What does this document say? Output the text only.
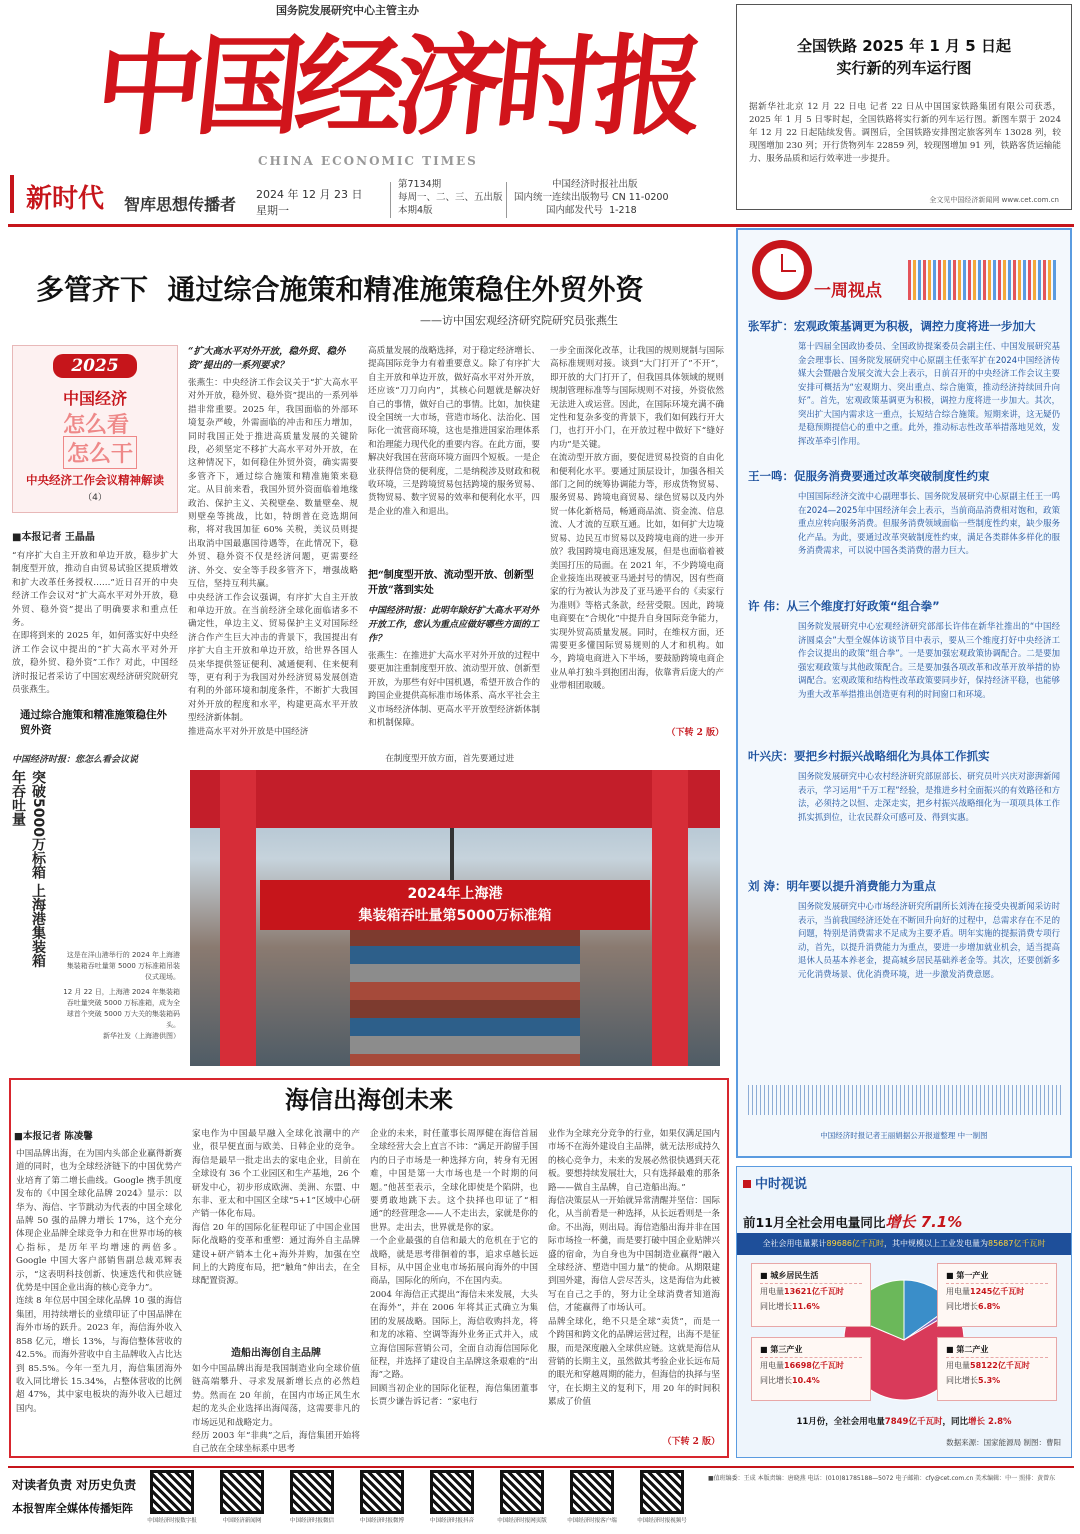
国务院发展研究中心主管主办
中国经济时报
CHINA ECONOMIC TIMES
新时代 智库思想传播者
2024 年 12 月 23 日
星期一
第7134期
每周一、二、三、五出版
本期4版
中国经济时报社出版
国内统一连续出版物号 CN 11-0200
国内邮发代号 1-218
全国铁路 2025 年 1 月 5 日起
实行新的列车运行图
据新华社北京 12 月 22 日电 记者 22 日从中国国家铁路集团有限公司获悉，2025 年 1 月 5 日零时起，全国铁路将实行新的列车运行图。新图车票于 2024 年 12 月 22 日起陆续发售。调图后，全国铁路安排图定旅客列车 13028 列，较现图增加 230 列；开行货物列车 22859 列，较现图增加 91 列，铁路客货运输能力、服务品质和运行效率进一步提升。
全文见中国经济新闻网 www.cet.com.cn
多管齐下  通过综合施策和精准施策稳住外贸外资
——访中国宏观经济研究院研究员张燕生
2025
中国经济
怎么看
怎么干
中央经济工作会议精神解读
（4）
■本报记者 王晶晶
“有序扩大自主开放和单边开放，稳步扩大制度型开放，推动自由贸易试验区提质增效和扩大改革任务授权……”近日召开的中央经济工作会议对“扩大高水平对外开放，稳外贸、稳外资”提出了明确要求和重点任务。
在即将到来的 2025 年，如何落实好中央经济工作会议中提出的“扩大高水平对外开放，稳外贸、稳外资”工作？对此，中国经济时报记者采访了中国宏观经济研究院研究员张燕生。
通过综合施策和精准施策稳住外贸外资
中国经济时报：您怎么看会议说
“扩大高水平对外开放，稳外贸、稳外资”提出的一系列要求？
张燕生：中央经济工作会议关于“扩大高水平对外开放，稳外贸、稳外资”提出的一系列举措非常重要。2025 年，我国面临的外部环境复杂严峻，外需面临的冲击和压力增加，同时我国正处于推进高质量发展的关键阶段，必须坚定不移扩大高水平对外开放，在这种情况下，如何稳住外贸外资，确实需要多管齐下，通过综合施策和精准施策来稳定。从目前来看，我国外贸外资面临着地缘政治、保护主义、关税壁垒、数量壁垒、规则壁垒等挑战，比如，特朗普在竞选期间称，将对我国加征 60% 关税，美议员则提出取消中国最惠国待遇等，在此情况下，稳外贸、稳外资不仅是经济问题，更需要经济、外交、安全等手段多管齐下，增强战略互信，坚持互利共赢。
中央经济工作会议强调，有序扩大自主开放和单边开放。在当前经济全球化面临诸多不确定性，单边主义、贸易保护主义对国际经济合作产生巨大冲击的背景下，我国提出有序扩大自主开放和单边开放，给世界各国人员来华提供签证便利、减通便利、住来便利等，更有利于为我国对外经济贸易发展创造有利的外部环境和制度条件，不断扩大我国对外开放的程度和水平，构建更高水平开放型经济新体制。
推进高水平对外开放是中国经济
高质量发展的战略选择，对于稳定经济增长、提高国际竞争力有着重要意义。除了有序扩大自主开放和单边开放，做好高水平对外开放，还应该“刀刀向内”，其核心问题就是解决好自己的事情，做好自己的事情。比如，加快建设全国统一大市场，营造市场化、法治化、国际化一流营商环境，这也是推进国家治理体系和治理能力现代化的重要内容。在此方面，要解决好我国在营商环境方面四个短板。一是企业获得信贷的便利度，二是纳税涉及财政和税收环境，三是跨境贸易包括跨境的服务贸易、货物贸易、数字贸易的效率和便利化水平，四是企业的准入和退出。
把“制度型开放、流动型开放、创新型开放”落到实处
中国经济时报：此明年除好扩大高水平对外开放工作，您认为重点应做好哪些方面的工作？
张燕生：在推进扩大高水平对外开放的过程中要更加注重制度型开放、流动型开放、创新型开放，为那些有好中国机遇，希望开放合作的跨国企业提供高标准市场体系、高水平社会主义市场经济体制、更高水平开放型经济新体制和机制保障。
一步全面深化改革，让我国的规则规制与国际高标准规则对接。谈到“大门打开了”不开“，即开放的大门打开了，但我国具体领域的规则规制管理标准等与国际规则不对接，外资依然无法进入或运营。因此，在国际环境充满不确定性和复杂多变的背景下，我们如何践行开大门，也打开小门，在开放过程中做好下“缝好内功”是关键。
在流动型开放方面，要促进贸易投资的自由化和便利化水平。要通过顶层设计，加强各相关部门之间的统筹协调能力等，形成货物贸易、服务贸易、跨境电商贸易、绿色贸易以及内外贸一体化新格局，畅通商品流、资金流、信息流、人才流的互联互通。比如，如何扩大边境贸易、边民互市贸易以及跨境电商的进一步开放？我国跨境电商迅速发展，但是也面临着被美国打压的局面。在 2021 年，不少跨境电商企业接连出现被亚马逊封号的情况，因有些商家的行为被认为涉及了亚马逊平台的《卖家行为准则》等格式条款，经营受限。因此，跨境电商要在“合规化”中提升自身国际竞争能力，实现外贸高质量发展。同时，在维权方面，还需要更多懂国际贸易规则的人才和机构。如今，跨境电商进入下半场，要鼓励跨境电商企业从单打独斗到抱团出海，依靠背后庞大的产业带相团取暖。
（下转 2 版）
在制度型开放方面，首先要通过进
2024年上海港
集装箱吞吐量第5000万标准箱
突破5000万标箱 上海港集装箱年吞吐量
这是在洋山港举行的 2024 年上海港集装箱吞吐量第 5000 万标准箱吊装仪式现场。
12 月 22 日，上海港 2024 年集装箱吞吐量突破 5000 万标准箱，成为全球首个突破 5000 万大关的集装箱码头。
新华社发（上海港供图）
海信出海创未来
■本报记者 陈凌馨
中国品牌出海，在为国内头部企业赢得新赛道的同时，也为全球经济链下的中国优势产业培育了第二增长曲线。Google 携手凯度发布的《中国全球化品牌 2024》显示：以华为、海信、字节跳动为代表的中国全球化品牌 50 强的品牌力增长 17%，这个充分体现企业品牌全球竞争力和在世界市场的核心指标，是历年平均增速的两倍多。Google 中国大客户部销售副总裁邓辉表示，“这表明科技创新、快速迭代和供应链优势是中国企业出海的核心竞争力”。
连续 8 年位居中国全球化品牌 10 强的海信集团，用持续增长的业绩印证了中国品牌在海外市场的跃升。2023 年，海信海外收入 858 亿元，增长 13%，与海信整体营收的 42.5%。而海外营收中自主品牌收入占比达到 85.5%。今年一至九月，海信集团海外收入同比增长 15.34%，占整体营收的比例超 47%，其中家电板块的海外收入已超过国内。
家电作为中国最早融入全球化浪潮中的产业，很早便直面与欧美、日韩企业的竞争。海信是最早一批走出去的家电企业，目前在全球设有 36 个工业园区和生产基地，26 个研发中心，初步形成欧洲、美洲、东盟、中东非、亚太和中国区全球“5+1”区域中心研产销一体化布局。
海信 20 年的国际化征程印证了中国企业国际化战略的变革和重塑：通过海外自主品牌建设+研产销本土化+海外并购，加强在空间上的大跨度布局，把“触角”伸出去，在全球配置资源。
造船出海创自主品牌
如今中国品牌出海是我国制造业向全球价值链高端攀升、寻求发展新增长点的必然趋势。然而在 20 年前，在国内市场正风生水起的龙头企业选择出海闯荡，这需要非凡的市场远见和战略定力。
经历 2003 年“非典”之后，海信集团开始将自己放在全球坐标系中思考
企业的未来，时任董事长周厚健在海信首届全球经营大会上直言不讳：“满足开韵留手国内的日子市场是一种选择方向，转身有无困难，中国是第一大市场也是一个时期的问题。”他甚至表示，全球化即使是个陷阱，也要勇敢地跳下去。这个抉择也印证了“相通”的经营理念——人不走出去，家就是你的世界。走出去，世界就是你的家。
一个企业最强的自信和最大的危机在于它的战略，就是思考徘徊着的事，追求卓越长远目标，从中国企业电市场拓展向海外的中国商品，国际化的所向，不在国内卖。
2004 年海信正式提出“海信未来发展，大头在海外”，并在 2006 年将其正式确立为集团的发展战略。国际上，海信收购抖龙，将和龙的冰箱、空调等海外业务正式并入，成立海信国际营销公司，全面自动海信国际化征程，并选择了建设自主品牌这条艰难的“出海”之路。
回顾当初企业的国际化征程，海信集团董事长贾少谦告诉记者：“家电行
业作为全球充分竞争的行业，如果仅满足国内市场不在海外建设自主品牌，就无法形成持久的核心竞争力，未来的发展必然很快遇到天花板。要想持续发展壮大，只有选择最难的那条路——做自主品牌，自己造船出海。”
海信决策层从一开始就异常清醒并坚信：国际化，从当前看是一种选择，从长远看则是一条命。不出海，则出局。海信造船出海并非在国际市场捡一杯羹，而是要打破中国企业贴牌兴盛的宿命，为自身也为中国制造业赢得“融入全球经济、塑造中国力量”的使命。从期限建到国外建，海信人尝尽苦头，这是海信为此被写在自己之手的，努力让全球消费者知道海信，才能赢得了市场认可。
品牌全球化，绝不只是全球“卖货”，而是一个跨国和跨文化的品牌运营过程，出海不是征服，而是深度融入全球供应链。这就是海信从营销的长期主义，虽然做其考验企业长远布局的眼光和穿越周期的能力，但海信的执择与坚守，在长期主义的复利下，用 20 年的时间积累成了价值
（下转 2 版）
一周视点
张军扩：宏观政策基调更为积极，调控力度将进一步加大
第十四届全国政协委员、全国政协提案委员会副主任、中国发展研究基金会理事长、国务院发展研究中心原副主任张军扩在2024中国经济传媒大会暨融合发展交流大会上表示，日前召开的中央经济工作会议主要安排可概括为“宏观期力、突出重点、综合施策，推动经济持续回升向好”。首先，宏观政策基调更为积极，调控力度将进一步加大。其次，突出扩大国内需求这一重点，长短结合综合施策。短期来讲，这无疑仍是稳预期提信心的重中之重。此外，推动标志性改革举措落地见效，发挥改革牵引作用。
王一鸣：促服务消费要通过改革突破制度性约束
中国国际经济交流中心副理事长、国务院发展研究中心原副主任王一鸣在2024—2025年中国经济年会上表示，当前商品消费相对饱和，政策重点应转向服务消费。但服务消费领域面临一些制度性约束，缺少服务化产品。为此，要通过改革突破制度性约束，满足各类群体多样化的服务消费需求，可以说中国各类消费的潜力巨大。
许 伟：从三个维度打好政策“组合拳”
国务院发展研究中心宏观经济研究部部长许伟在新华社推出的“中国经济圆桌会”大型全媒体访谈节目中表示，要从三个维度打好中央经济工作会议提出的政策“组合拳”。一是要加强宏观政策协调配合。二是要加强宏观政策与其他政策配合。三是要加强各项改革和改革开放举措的协调配合。宏观政策和结构性改革政策要同步好，保持经济平稳，也能够为重大改革举措推出创造更有利的时间窗口和环境。
叶兴庆：要把乡村振兴战略细化为具体工作抓实
国务院发展研究中心农村经济研究部原部长、研究员叶兴庆对澎湃新闻表示，学习运用“千万工程”经验，是推进乡村全面振兴的有效路径和方法，必须持之以恒、走深走实，把乡村振兴战略细化为一项项具体工作抓实抓到位，让农民群众可感可及、得到实惠。
刘 涛：明年要以提升消费能力为重点
国务院发展研究中心市场经济研究所副所长刘涛在接受央视新闻采访时表示，当前我国经济还处在不断回升向好的过程中，总需求存在不足的问题，特别是消费需求不足成为主要矛盾。明年实施的提振消费专项行动，首先，以提升消费能力为重点，要进一步增加就业机会，适当提高退休人员基本养老金，提高城乡居民基础养老金等。其次，还要创新多元化消费场景、优化消费环境，进一步激发消费意愿。
中国经济时报记者王丽娟据公开报道整理 中一制图
中时视说
前11月全社会用电量同比增长 7.1%
全社会用电量累计89686亿千瓦时，其中规模以上工业发电量为85687亿千瓦时
■ 城乡居民生活
用电量13621亿千瓦时
同比增长11.6%
■ 第一产业
用电量1245亿千瓦时
同比增长6.8%
■ 第二产业
用电量58122亿千瓦时
同比增长5.3%
■ 第三产业
用电量16698亿千瓦时
同比增长10.4%
11月份，全社会用电量7849亿千瓦时，同比增长 2.8%
数据来源：国家能源局 制图：曹阳
对读者负责 对历史负责
本报智库全媒体传播矩阵
中国经济时报数字报	中国经济新闻网	中国经济时报微信	中国经济时报微博	中国经济时报抖音	中国经济时报网页版	中国经济时报客户端	中国经济时报视频号
■值班编委：王成 本版责编：唐晓燕 电话：(010)81785188—5072 电子邮箱：cfy@cet.com.cn 美术编辑：中一 照排：黄曾东
